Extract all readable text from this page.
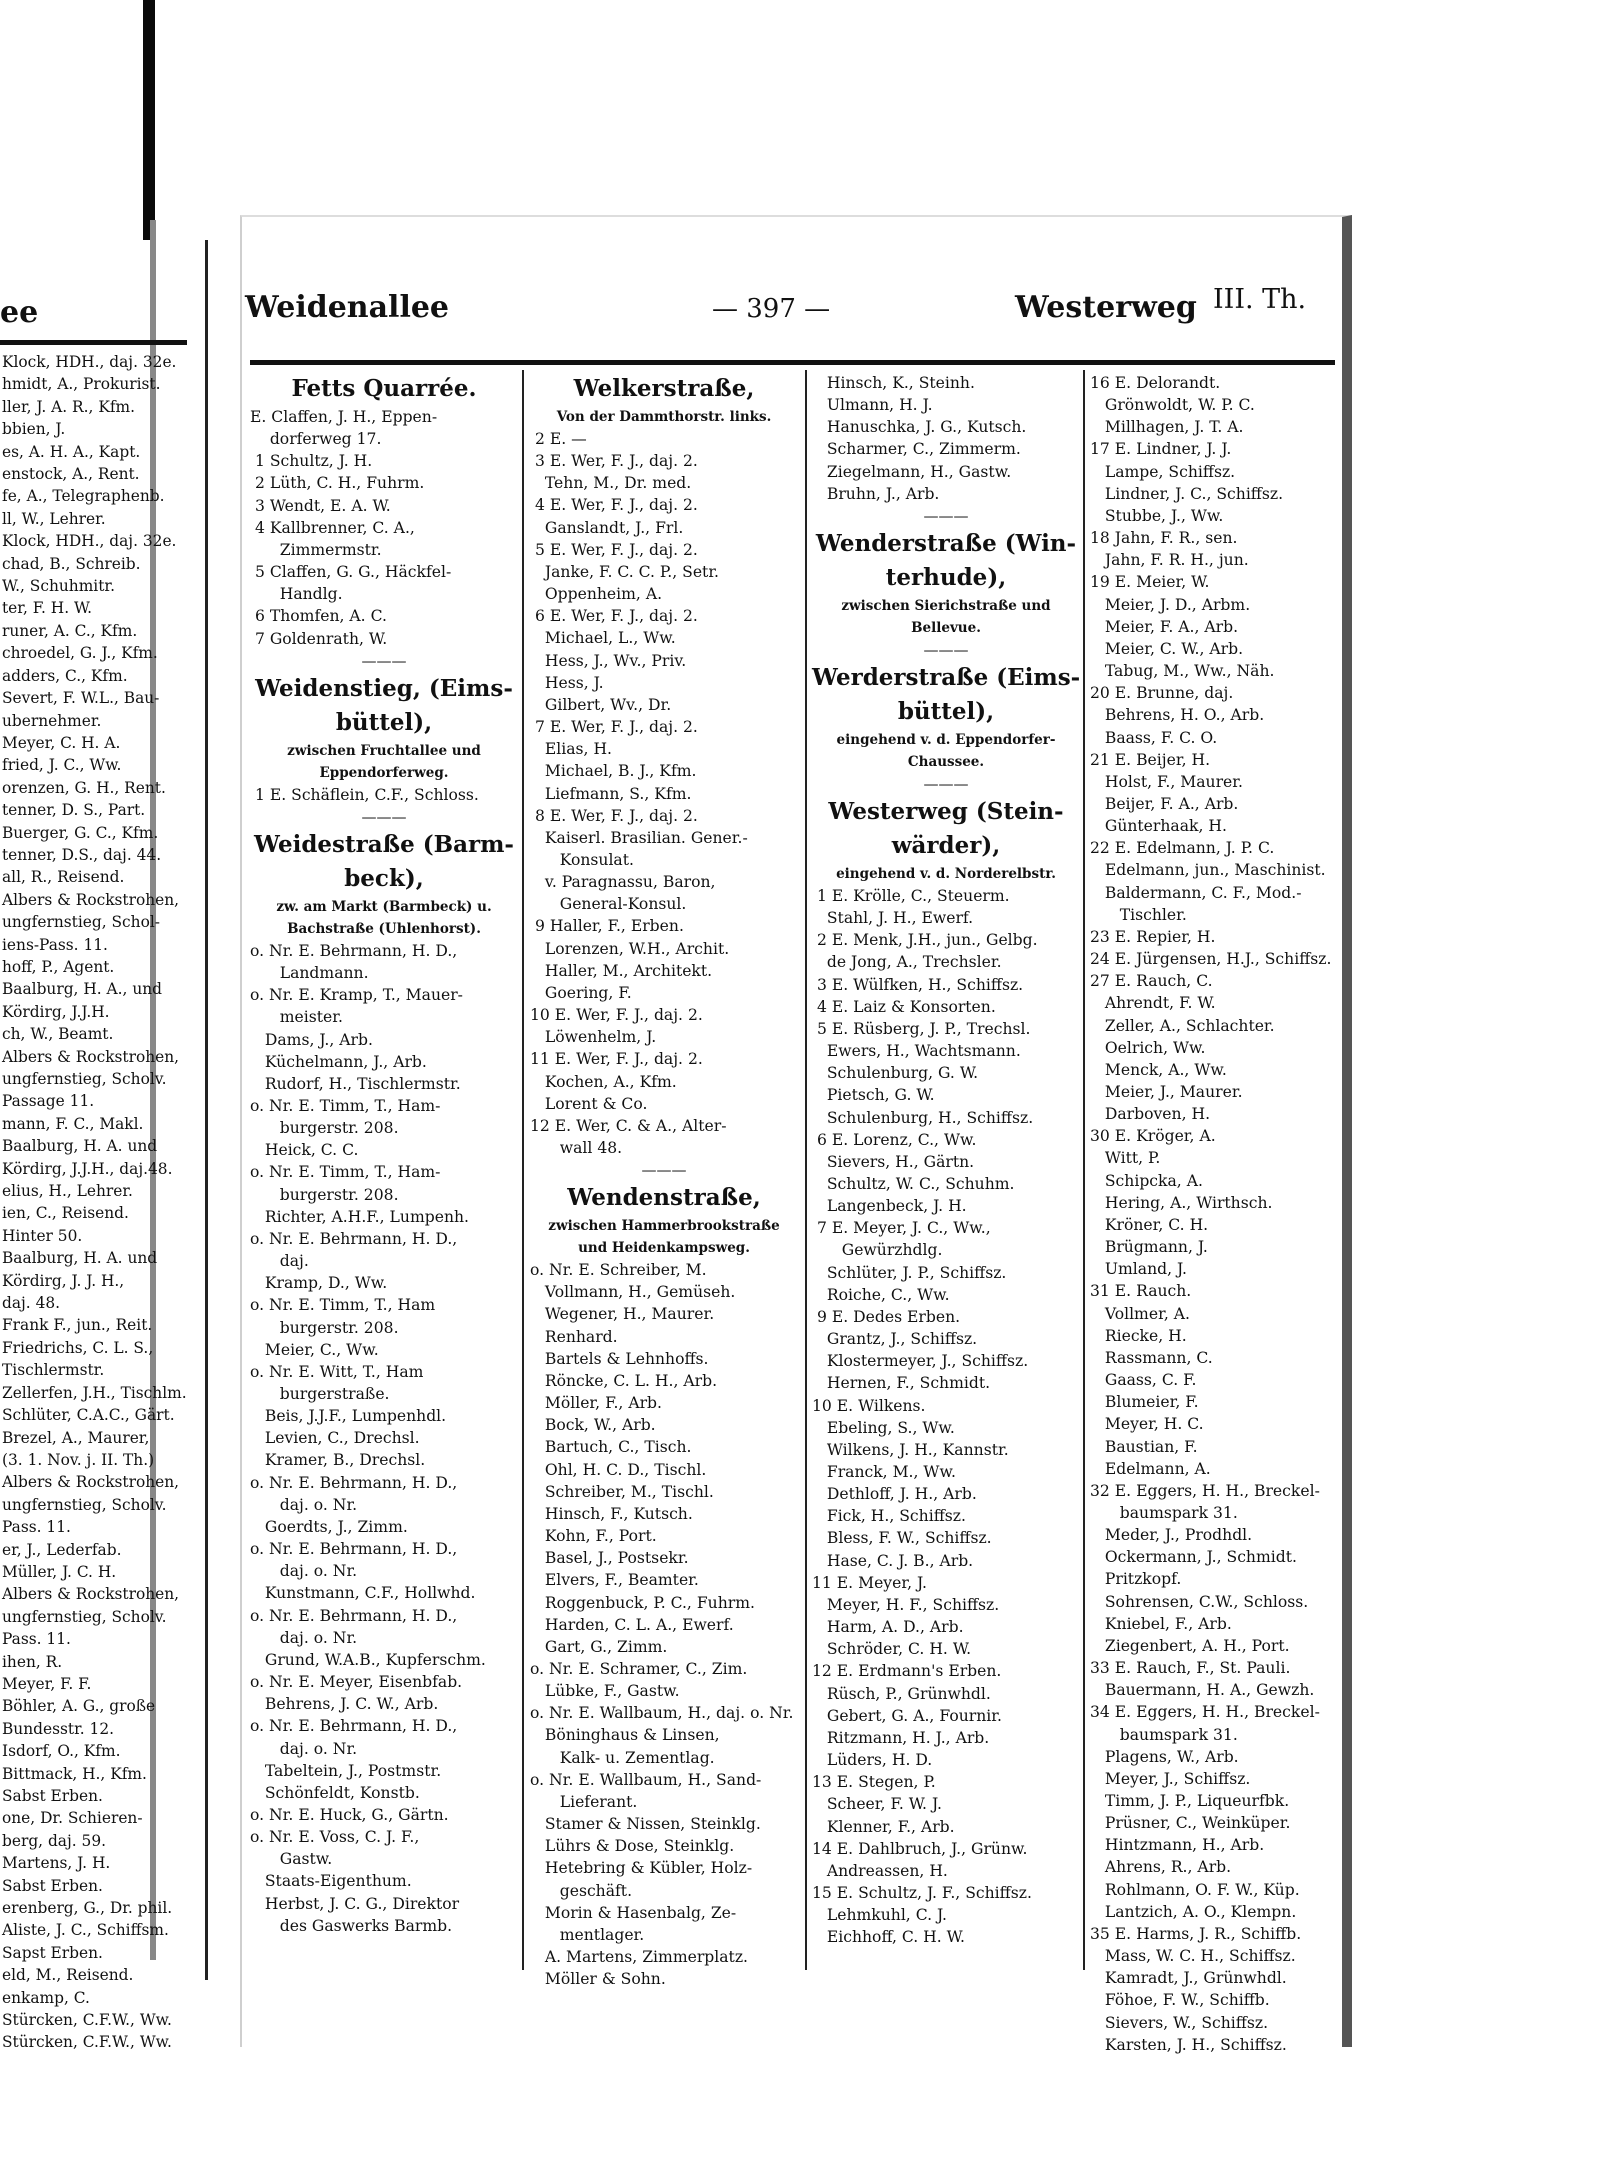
ee
Klock, HDH., daj. 32e.
hmidt, A., Prokurist.
ller, J. A. R., Kfm.
bbien, J.
es, A. H. A., Kapt.
enstock, A., Rent.
fe, A., Telegraphenb.
ll, W., Lehrer.
Klock, HDH., daj. 32e.
chad, B., Schreib.
W., Schuhmitr.
ter, F. H. W.
runer, A. C., Kfm.
chroedel, G. J., Kfm.
adders, C., Kfm.
Severt, F. W.L., Bau-
ubernehmer.
Meyer, C. H. A.
fried, J. C., Ww.
orenzen, G. H., Rent.
tenner, D. S., Part.
Buerger, G. C., Kfm.
tenner, D.S., daj. 44.
all, R., Reisend.
Albers & Rockstrohen,
ungfernstieg, Schol-
iens-Pass. 11.
hoff, P., Agent.
Baalburg, H. A., und
Kördirg, J.J.H.
ch, W., Beamt.
Albers & Rockstrohen,
ungfernstieg, Scholv.
Passage 11.
mann, F. C., Makl.
Baalburg, H. A. und
Kördirg, J.J.H., daj.48.
elius, H., Lehrer.
ien, C., Reisend.
Hinter 50.
Baalburg, H. A. und
Kördirg, J. J. H.,
daj. 48.
Frank F., jun., Reit.
Friedrichs, C. L. S.,
Tischlermstr.
Zellerfen, J.H., Tischlm.
Schlüter, C.A.C., Gärt.
Brezel, A., Maurer,
(3. 1. Nov. j. II. Th.)
Albers & Rockstrohen,
ungfernstieg, Scholv.
Pass. 11.
er, J., Lederfab.
Müller, J. C. H.
Albers & Rockstrohen,
ungfernstieg, Scholv.
Pass. 11.
ihen, R.
Meyer, F. F.
Böhler, A. G., große
Bundesstr. 12.
Isdorf, O., Kfm.
Bittmack, H., Kfm.
Sabst Erben.
one, Dr. Schieren-
berg, daj. 59.
Martens, J. H.
Sabst Erben.
erenberg, G., Dr. phil.
Aliste, J. C., Schiffsm.
Sapst Erben.
eld, M., Reisend.
enkamp, C.
Stürcken, C.F.W., Ww.
Stürcken, C.F.W., Ww.
Weidenallee	— 397 —	Westerweg III. Th.
Fetts Quarrée.
E. Claffen, J. H., Eppen-
dorferweg 17.
1 Schultz, J. H.
2 Lüth, C. H., Fuhrm.
3 Wendt, E. A. W.
4 Kallbrenner, C. A.,
Zimmermstr.
5 Claffen, G. G., Häckfel-
Handlg.
6 Thomfen, A. C.
7 Goldenrath, W.
———
Weidenstieg, (Eims-
büttel),
zwischen Fruchtallee und
Eppendorferweg.
1 E. Schäflein, C.F., Schloss.
———
Weidestraße (Barm-
beck),
zw. am Markt (Barmbeck) u.
Bachstraße (Uhlenhorst).
o. Nr. E. Behrmann, H. D.,
Landmann.
o. Nr. E. Kramp, T., Mauer-
meister.
Dams, J., Arb.
Küchelmann, J., Arb.
Rudorf, H., Tischlermstr.
o. Nr. E. Timm, T., Ham-
burgerstr. 208.
Heick, C. C.
o. Nr. E. Timm, T., Ham-
burgerstr. 208.
Richter, A.H.F., Lumpenh.
o. Nr. E. Behrmann, H. D.,
daj.
Kramp, D., Ww.
o. Nr. E. Timm, T., Ham
burgerstr. 208.
Meier, C., Ww.
o. Nr. E. Witt, T., Ham
burgerstraße.
Beis, J.J.F., Lumpenhdl.
Levien, C., Drechsl.
Kramer, B., Drechsl.
o. Nr. E. Behrmann, H. D.,
daj. o. Nr.
Goerdts, J., Zimm.
o. Nr. E. Behrmann, H. D.,
daj. o. Nr.
Kunstmann, C.F., Hollwhd.
o. Nr. E. Behrmann, H. D.,
daj. o. Nr.
Grund, W.A.B., Kupferschm.
o. Nr. E. Meyer, Eisenbfab.
Behrens, J. C. W., Arb.
o. Nr. E. Behrmann, H. D.,
daj. o. Nr.
Tabeltein, J., Postmstr.
Schönfeldt, Konstb.
o. Nr. E. Huck, G., Gärtn.
o. Nr. E. Voss, C. J. F.,
Gastw.
Staats-Eigenthum.
Herbst, J. C. G., Direktor
des Gaswerks Barmb.
Welkerstraße,
Von der Dammthorstr. links.
2 E. —
3 E. Wer, F. J., daj. 2.
Tehn, M., Dr. med.
4 E. Wer, F. J., daj. 2.
Ganslandt, J., Frl.
5 E. Wer, F. J., daj. 2.
Janke, F. C. C. P., Setr.
Oppenheim, A.
6 E. Wer, F. J., daj. 2.
Michael, L., Ww.
Hess, J., Wv., Priv.
Hess, J.
Gilbert, Wv., Dr.
7 E. Wer, F. J., daj. 2.
Elias, H.
Michael, B. J., Kfm.
Liefmann, S., Kfm.
8 E. Wer, F. J., daj. 2.
Kaiserl. Brasilian. Gener.-
Konsulat.
v. Paragnassu, Baron,
General-Konsul.
9 Haller, F., Erben.
Lorenzen, W.H., Archit.
Haller, M., Architekt.
Goering, F.
10 E. Wer, F. J., daj. 2.
Löwenhelm, J.
11 E. Wer, F. J., daj. 2.
Kochen, A., Kfm.
Lorent & Co.
12 E. Wer, C. & A., Alter-
wall 48.
———
Wendenstraße,
zwischen Hammerbrookstraße
und Heidenkampsweg.
o. Nr. E. Schreiber, M.
Vollmann, H., Gemüseh.
Wegener, H., Maurer.
Renhard.
Bartels & Lehnhoffs.
Röncke, C. L. H., Arb.
Möller, F., Arb.
Bock, W., Arb.
Bartuch, C., Tisch.
Ohl, H. C. D., Tischl.
Schreiber, M., Tischl.
Hinsch, F., Kutsch.
Kohn, F., Port.
Basel, J., Postsekr.
Elvers, F., Beamter.
Roggenbuck, P. C., Fuhrm.
Harden, C. L. A., Ewerf.
Gart, G., Zimm.
o. Nr. E. Schramer, C., Zim.
Lübke, F., Gastw.
o. Nr. E. Wallbaum, H., daj. o. Nr.
Böninghaus & Linsen,
Kalk- u. Zementlag.
o. Nr. E. Wallbaum, H., Sand-
Lieferant.
Stamer & Nissen, Steinklg.
Lührs & Dose, Steinklg.
Hetebring & Kübler, Holz-
geschäft.
Morin & Hasenbalg, Ze-
mentlager.
A. Martens, Zimmerplatz.
Möller & Sohn.
Hinsch, K., Steinh.
Ulmann, H. J.
Hanuschka, J. G., Kutsch.
Scharmer, C., Zimmerm.
Ziegelmann, H., Gastw.
Bruhn, J., Arb.
———
Wenderstraße (Win-
terhude),
zwischen Sierichstraße und
Bellevue.
———
Werderstraße (Eims-
büttel),
eingehend v. d. Eppendorfer-
Chaussee.
———
Westerweg (Stein-
wärder),
eingehend v. d. Norderelbstr.
1 E. Krölle, C., Steuerm.
Stahl, J. H., Ewerf.
2 E. Menk, J.H., jun., Gelbg.
de Jong, A., Trechsler.
3 E. Wülfken, H., Schiffsz.
4 E. Laiz & Konsorten.
5 E. Rüsberg, J. P., Trechsl.
Ewers, H., Wachtsmann.
Schulenburg, G. W.
Pietsch, G. W.
Schulenburg, H., Schiffsz.
6 E. Lorenz, C., Ww.
Sievers, H., Gärtn.
Schultz, W. C., Schuhm.
Langenbeck, J. H.
7 E. Meyer, J. C., Ww.,
Gewürzhdlg.
Schlüter, J. P., Schiffsz.
Roiche, C., Ww.
9 E. Dedes Erben.
Grantz, J., Schiffsz.
Klostermeyer, J., Schiffsz.
Hernen, F., Schmidt.
10 E. Wilkens.
Ebeling, S., Ww.
Wilkens, J. H., Kannstr.
Franck, M., Ww.
Dethloff, J. H., Arb.
Fick, H., Schiffsz.
Bless, F. W., Schiffsz.
Hase, C. J. B., Arb.
11 E. Meyer, J.
Meyer, H. F., Schiffsz.
Harm, A. D., Arb.
Schröder, C. H. W.
12 E. Erdmann's Erben.
Rüsch, P., Grünwhdl.
Gebert, G. A., Fournir.
Ritzmann, H. J., Arb.
Lüders, H. D.
13 E. Stegen, P.
Scheer, F. W. J.
Klenner, F., Arb.
14 E. Dahlbruch, J., Grünw.
Andreassen, H.
15 E. Schultz, J. F., Schiffsz.
Lehmkuhl, C. J.
Eichhoff, C. H. W.
16 E. Delorandt.
Grönwoldt, W. P. C.
Millhagen, J. T. A.
17 E. Lindner, J. J.
Lampe, Schiffsz.
Lindner, J. C., Schiffsz.
Stubbe, J., Ww.
18 Jahn, F. R., sen.
Jahn, F. R. H., jun.
19 E. Meier, W.
Meier, J. D., Arbm.
Meier, F. A., Arb.
Meier, C. W., Arb.
Tabug, M., Ww., Näh.
20 E. Brunne, daj.
Behrens, H. O., Arb.
Baass, F. C. O.
21 E. Beijer, H.
Holst, F., Maurer.
Beijer, F. A., Arb.
Günterhaak, H.
22 E. Edelmann, J. P. C.
Edelmann, jun., Maschinist.
Baldermann, C. F., Mod.-
Tischler.
23 E. Repier, H.
24 E. Jürgensen, H.J., Schiffsz.
27 E. Rauch, C.
Ahrendt, F. W.
Zeller, A., Schlachter.
Oelrich, Ww.
Menck, A., Ww.
Meier, J., Maurer.
Darboven, H.
30 E. Kröger, A.
Witt, P.
Schipcka, A.
Hering, A., Wirthsch.
Kröner, C. H.
Brügmann, J.
Umland, J.
31 E. Rauch.
Vollmer, A.
Riecke, H.
Rassmann, C.
Gaass, C. F.
Blumeier, F.
Meyer, H. C.
Baustian, F.
Edelmann, A.
32 E. Eggers, H. H., Breckel-
baumspark 31.
Meder, J., Prodhdl.
Ockermann, J., Schmidt.
Pritzkopf.
Sohrensen, C.W., Schloss.
Kniebel, F., Arb.
Ziegenbert, A. H., Port.
33 E. Rauch, F., St. Pauli.
Bauermann, H. A., Gewzh.
34 E. Eggers, H. H., Breckel-
baumspark 31.
Plagens, W., Arb.
Meyer, J., Schiffsz.
Timm, J. P., Liqueurfbk.
Prüsner, C., Weinküper.
Hintzmann, H., Arb.
Ahrens, R., Arb.
Rohlmann, O. F. W., Küp.
Lantzich, A. O., Klempn.
35 E. Harms, J. R., Schiffb.
Mass, W. C. H., Schiffsz.
Kamradt, J., Grünwhdl.
Föhoe, F. W., Schiffb.
Sievers, W., Schiffsz.
Karsten, J. H., Schiffsz.
